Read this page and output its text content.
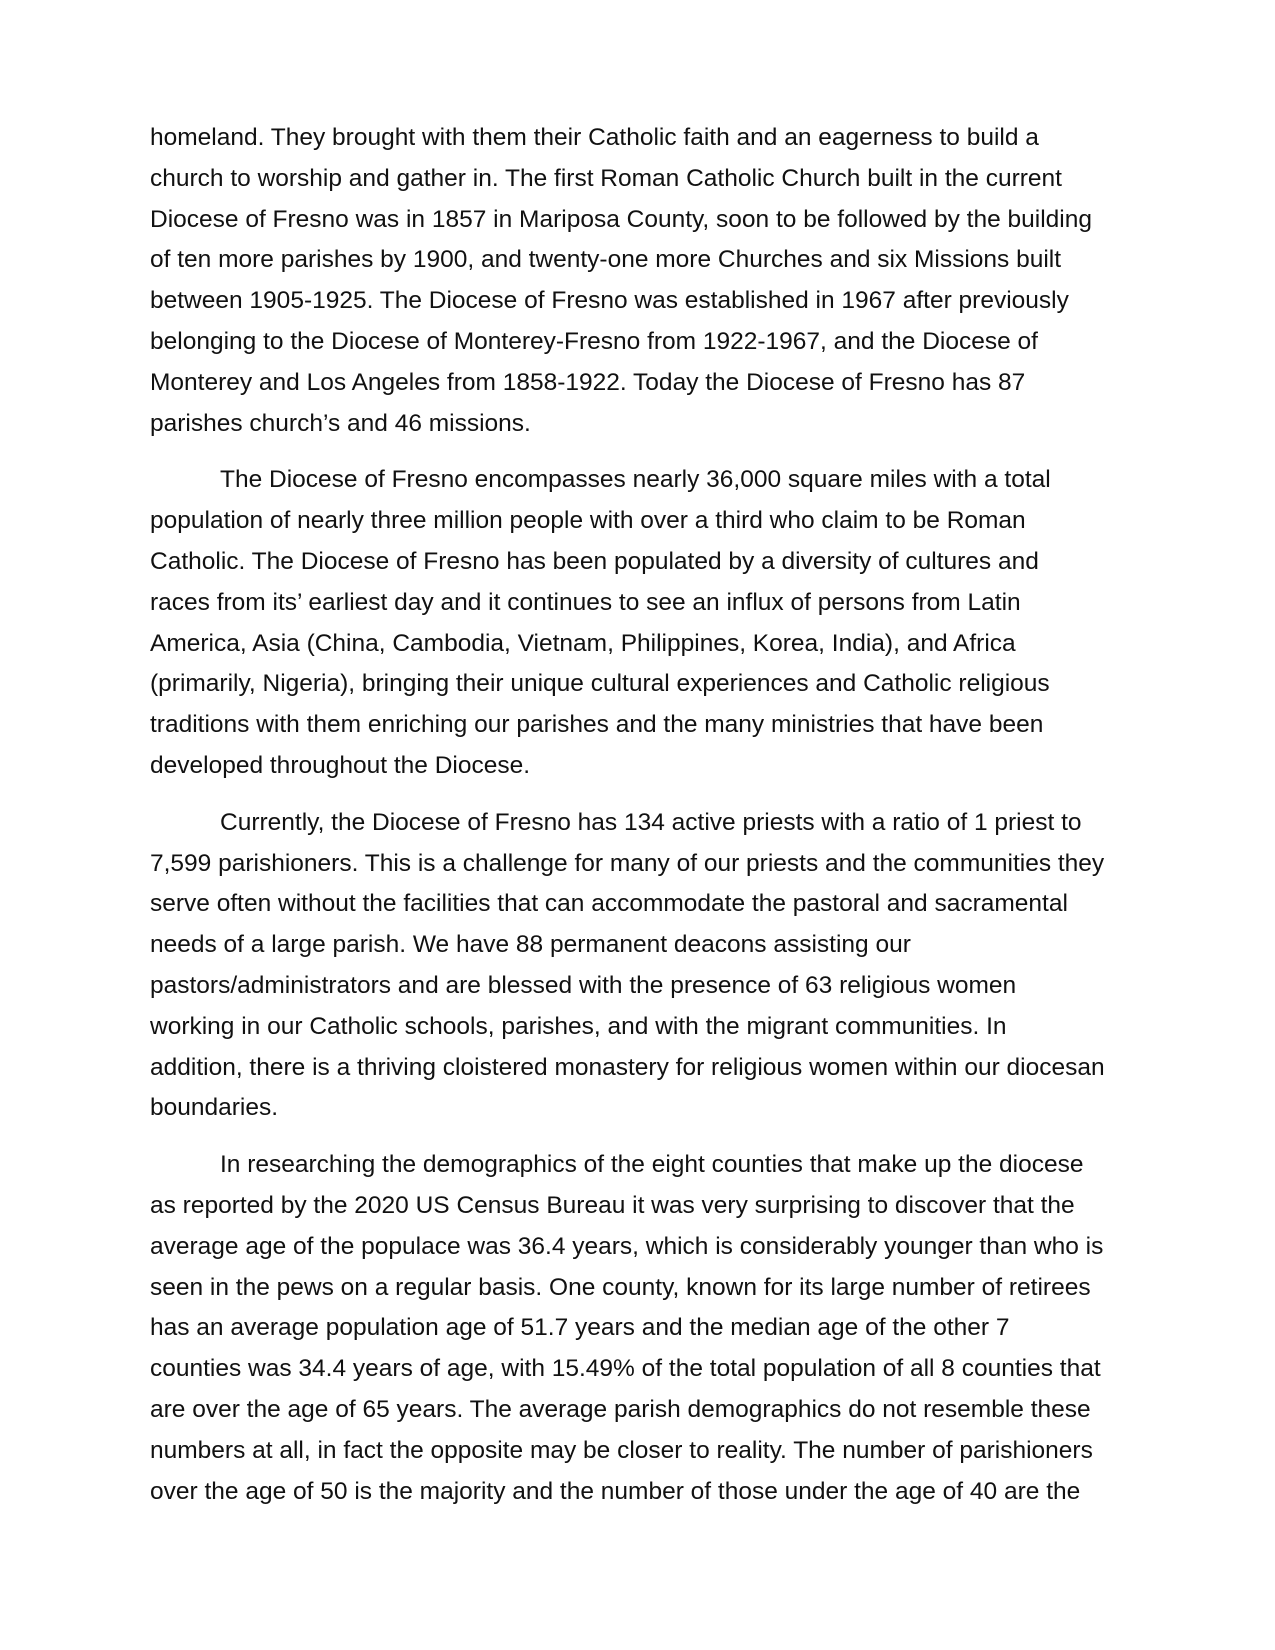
homeland. They brought with them their Catholic faith and an eagerness to build a
church to worship and gather in. The first Roman Catholic Church built in the current
Diocese of Fresno was in 1857 in Mariposa County, soon to be followed by the building
of ten more parishes by 1900, and twenty-one more Churches and six Missions built
between 1905-1925. The Diocese of Fresno was established in 1967 after previously
belonging to the Diocese of Monterey-Fresno from 1922-1967, and the Diocese of
Monterey and Los Angeles from 1858-1922. Today the Diocese of Fresno has 87
parishes church’s and 46 missions.

The Diocese of Fresno encompasses nearly 36,000 square miles with a total
population of nearly three million people with over a third who claim to be Roman
Catholic. The Diocese of Fresno has been populated by a diversity of cultures and
races from its’ earliest day and it continues to see an influx of persons from Latin
America, Asia (China, Cambodia, Vietnam, Philippines, Korea, India), and Africa
(primarily, Nigeria), bringing their unique cultural experiences and Catholic religious
traditions with them enriching our parishes and the many ministries that have been
developed throughout the Diocese.

Currently, the Diocese of Fresno has 134 active priests with a ratio of 1 priest to
7,599 parishioners. This is a challenge for many of our priests and the communities they
serve often without the facilities that can accommodate the pastoral and sacramental
needs of a large parish. We have 88 permanent deacons assisting our
pastors/administrators and are blessed with the presence of 63 religious women
working in our Catholic schools, parishes, and with the migrant communities. In
addition, there is a thriving cloistered monastery for religious women within our diocesan
boundaries.

In researching the demographics of the eight counties that make up the diocese
as reported by the 2020 US Census Bureau it was very surprising to discover that the
average age of the populace was 36.4 years, which is considerably younger than who is
seen in the pews on a regular basis. One county, known for its large number of retirees
has an average population age of 51.7 years and the median age of the other 7
counties was 34.4 years of age, with 15.49% of the total population of all 8 counties that
are over the age of 65 years. The average parish demographics do not resemble these
numbers at all, in fact the opposite may be closer to reality. The number of parishioners
over the age of 50 is the majority and the number of those under the age of 40 are the
